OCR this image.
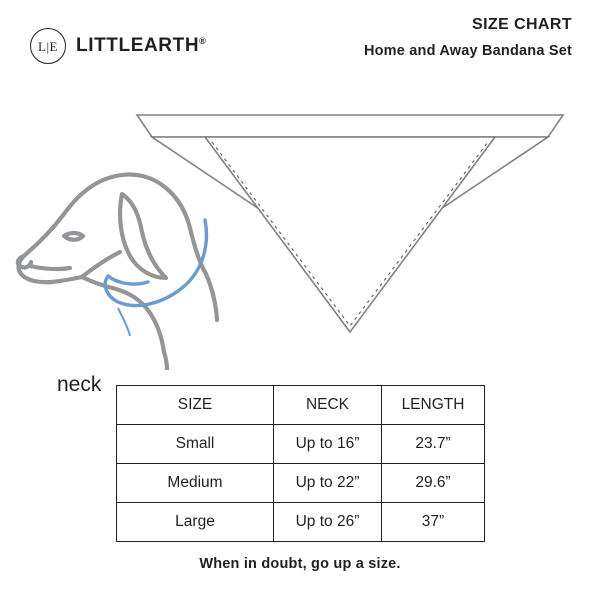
L|E LITTLEARTH®
SIZE CHART
Home and Away Bandana Set
neck
SIZE	NECK	LENGTH
Small	Up to 16”	23.7”
Medium	Up to 22”	29.6”
Large	Up to 26”	37”
When in doubt, go up a size.
